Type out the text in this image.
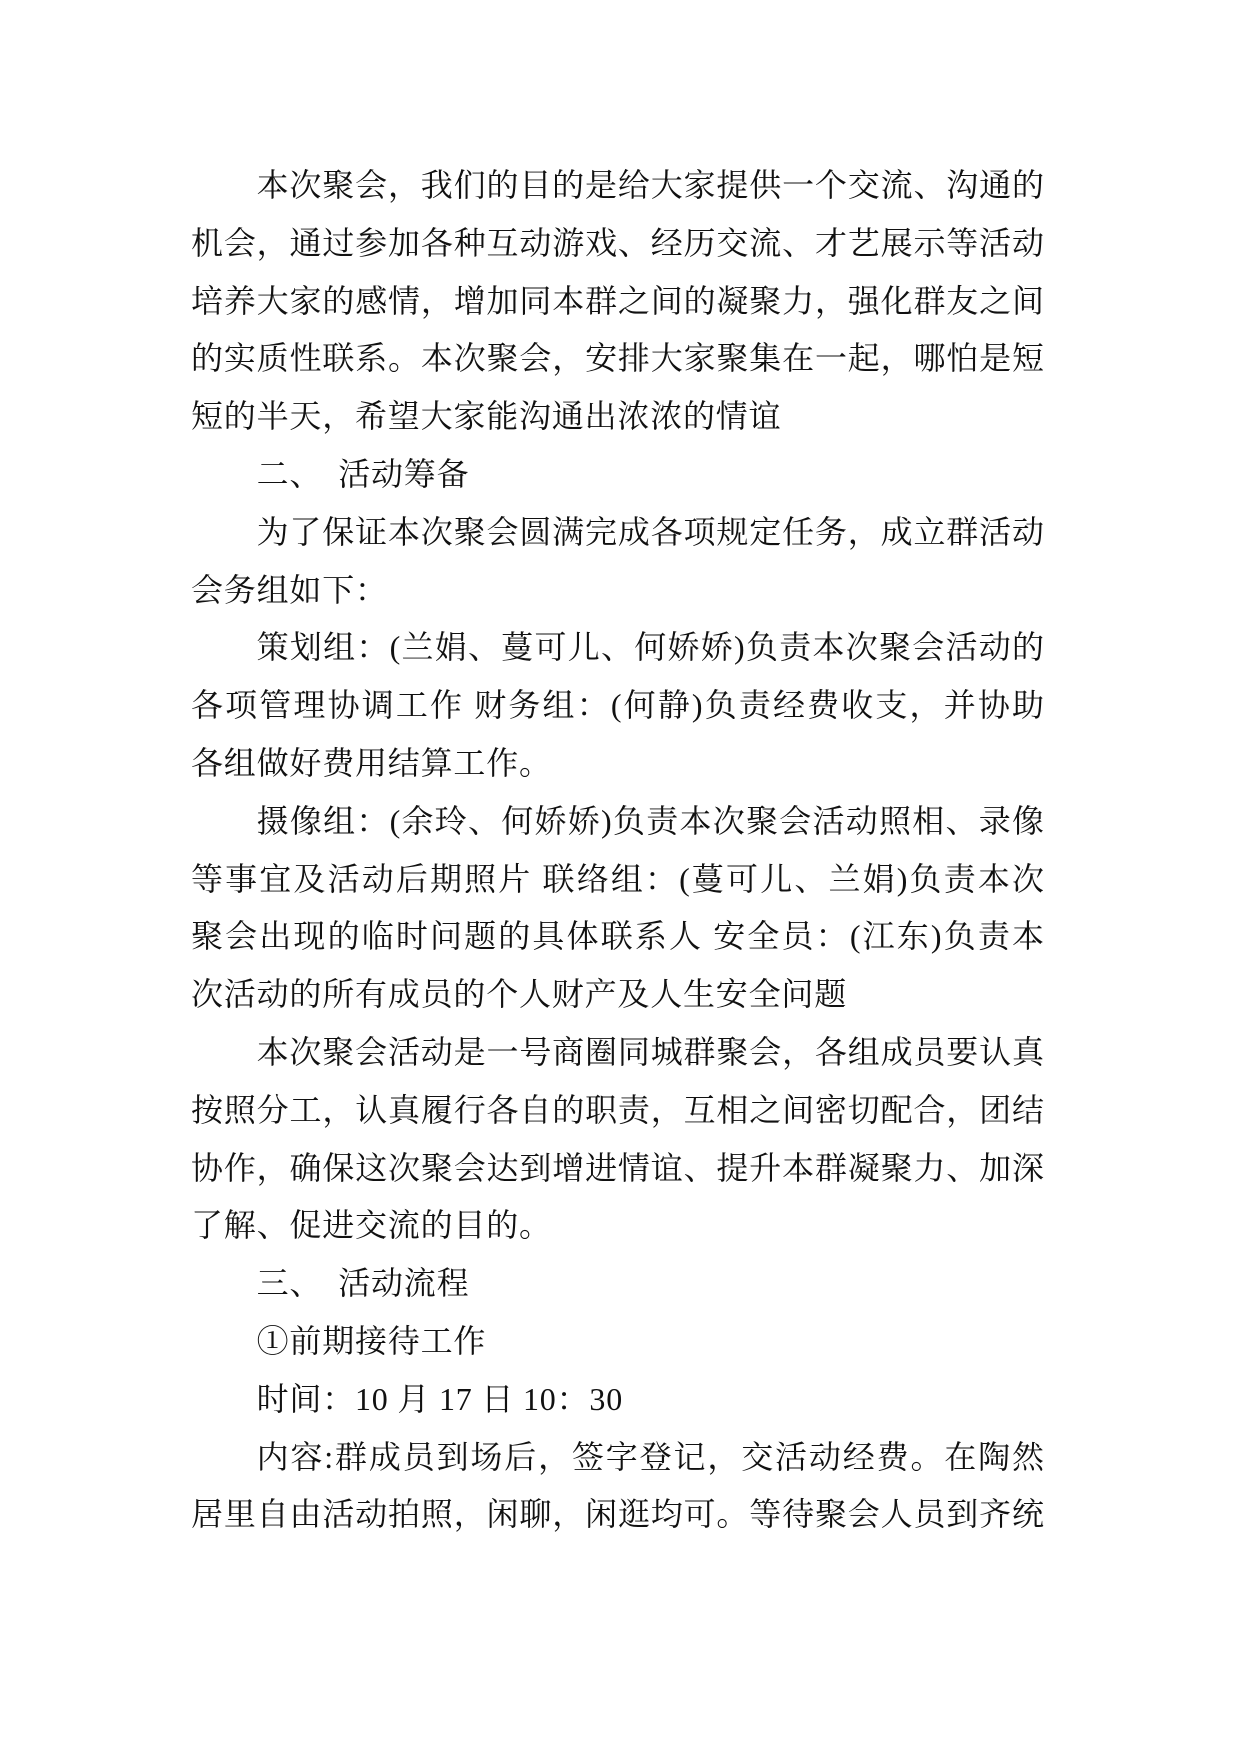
本次聚会，我们的目的是给大家提供一个交流、沟通的
机会，通过参加各种互动游戏、经历交流、才艺展示等活动
培养大家的感情，增加同本群之间的凝聚力，强化群友之间
的实质性联系。本次聚会，安排大家聚集在一起，哪怕是短
短的半天，希望大家能沟通出浓浓的情谊
二、 活动筹备
为了保证本次聚会圆满完成各项规定任务，成立群活动
会务组如下：
策划组：(兰娟、蔓可儿、何娇娇)负责本次聚会活动的
各项管理协调工作 财务组：(何静)负责经费收支，并协助
各组做好费用结算工作。
摄像组：(余玲、何娇娇)负责本次聚会活动照相、录像
等事宜及活动后期照片 联络组：(蔓可儿、兰娟)负责本次
聚会出现的临时问题的具体联系人 安全员：(江东)负责本
次活动的所有成员的个人财产及人生安全问题
本次聚会活动是一号商圈同城群聚会，各组成员要认真
按照分工，认真履行各自的职责，互相之间密切配合，团结
协作，确保这次聚会达到增进情谊、提升本群凝聚力、加深
了解、促进交流的目的。
三、 活动流程
①前期接待工作
时间：10 月 17 日 10：30
内容:群成员到场后，签字登记，交活动经费。在陶然
居里自由活动拍照，闲聊，闲逛均可。等待聚会人员到齐统
